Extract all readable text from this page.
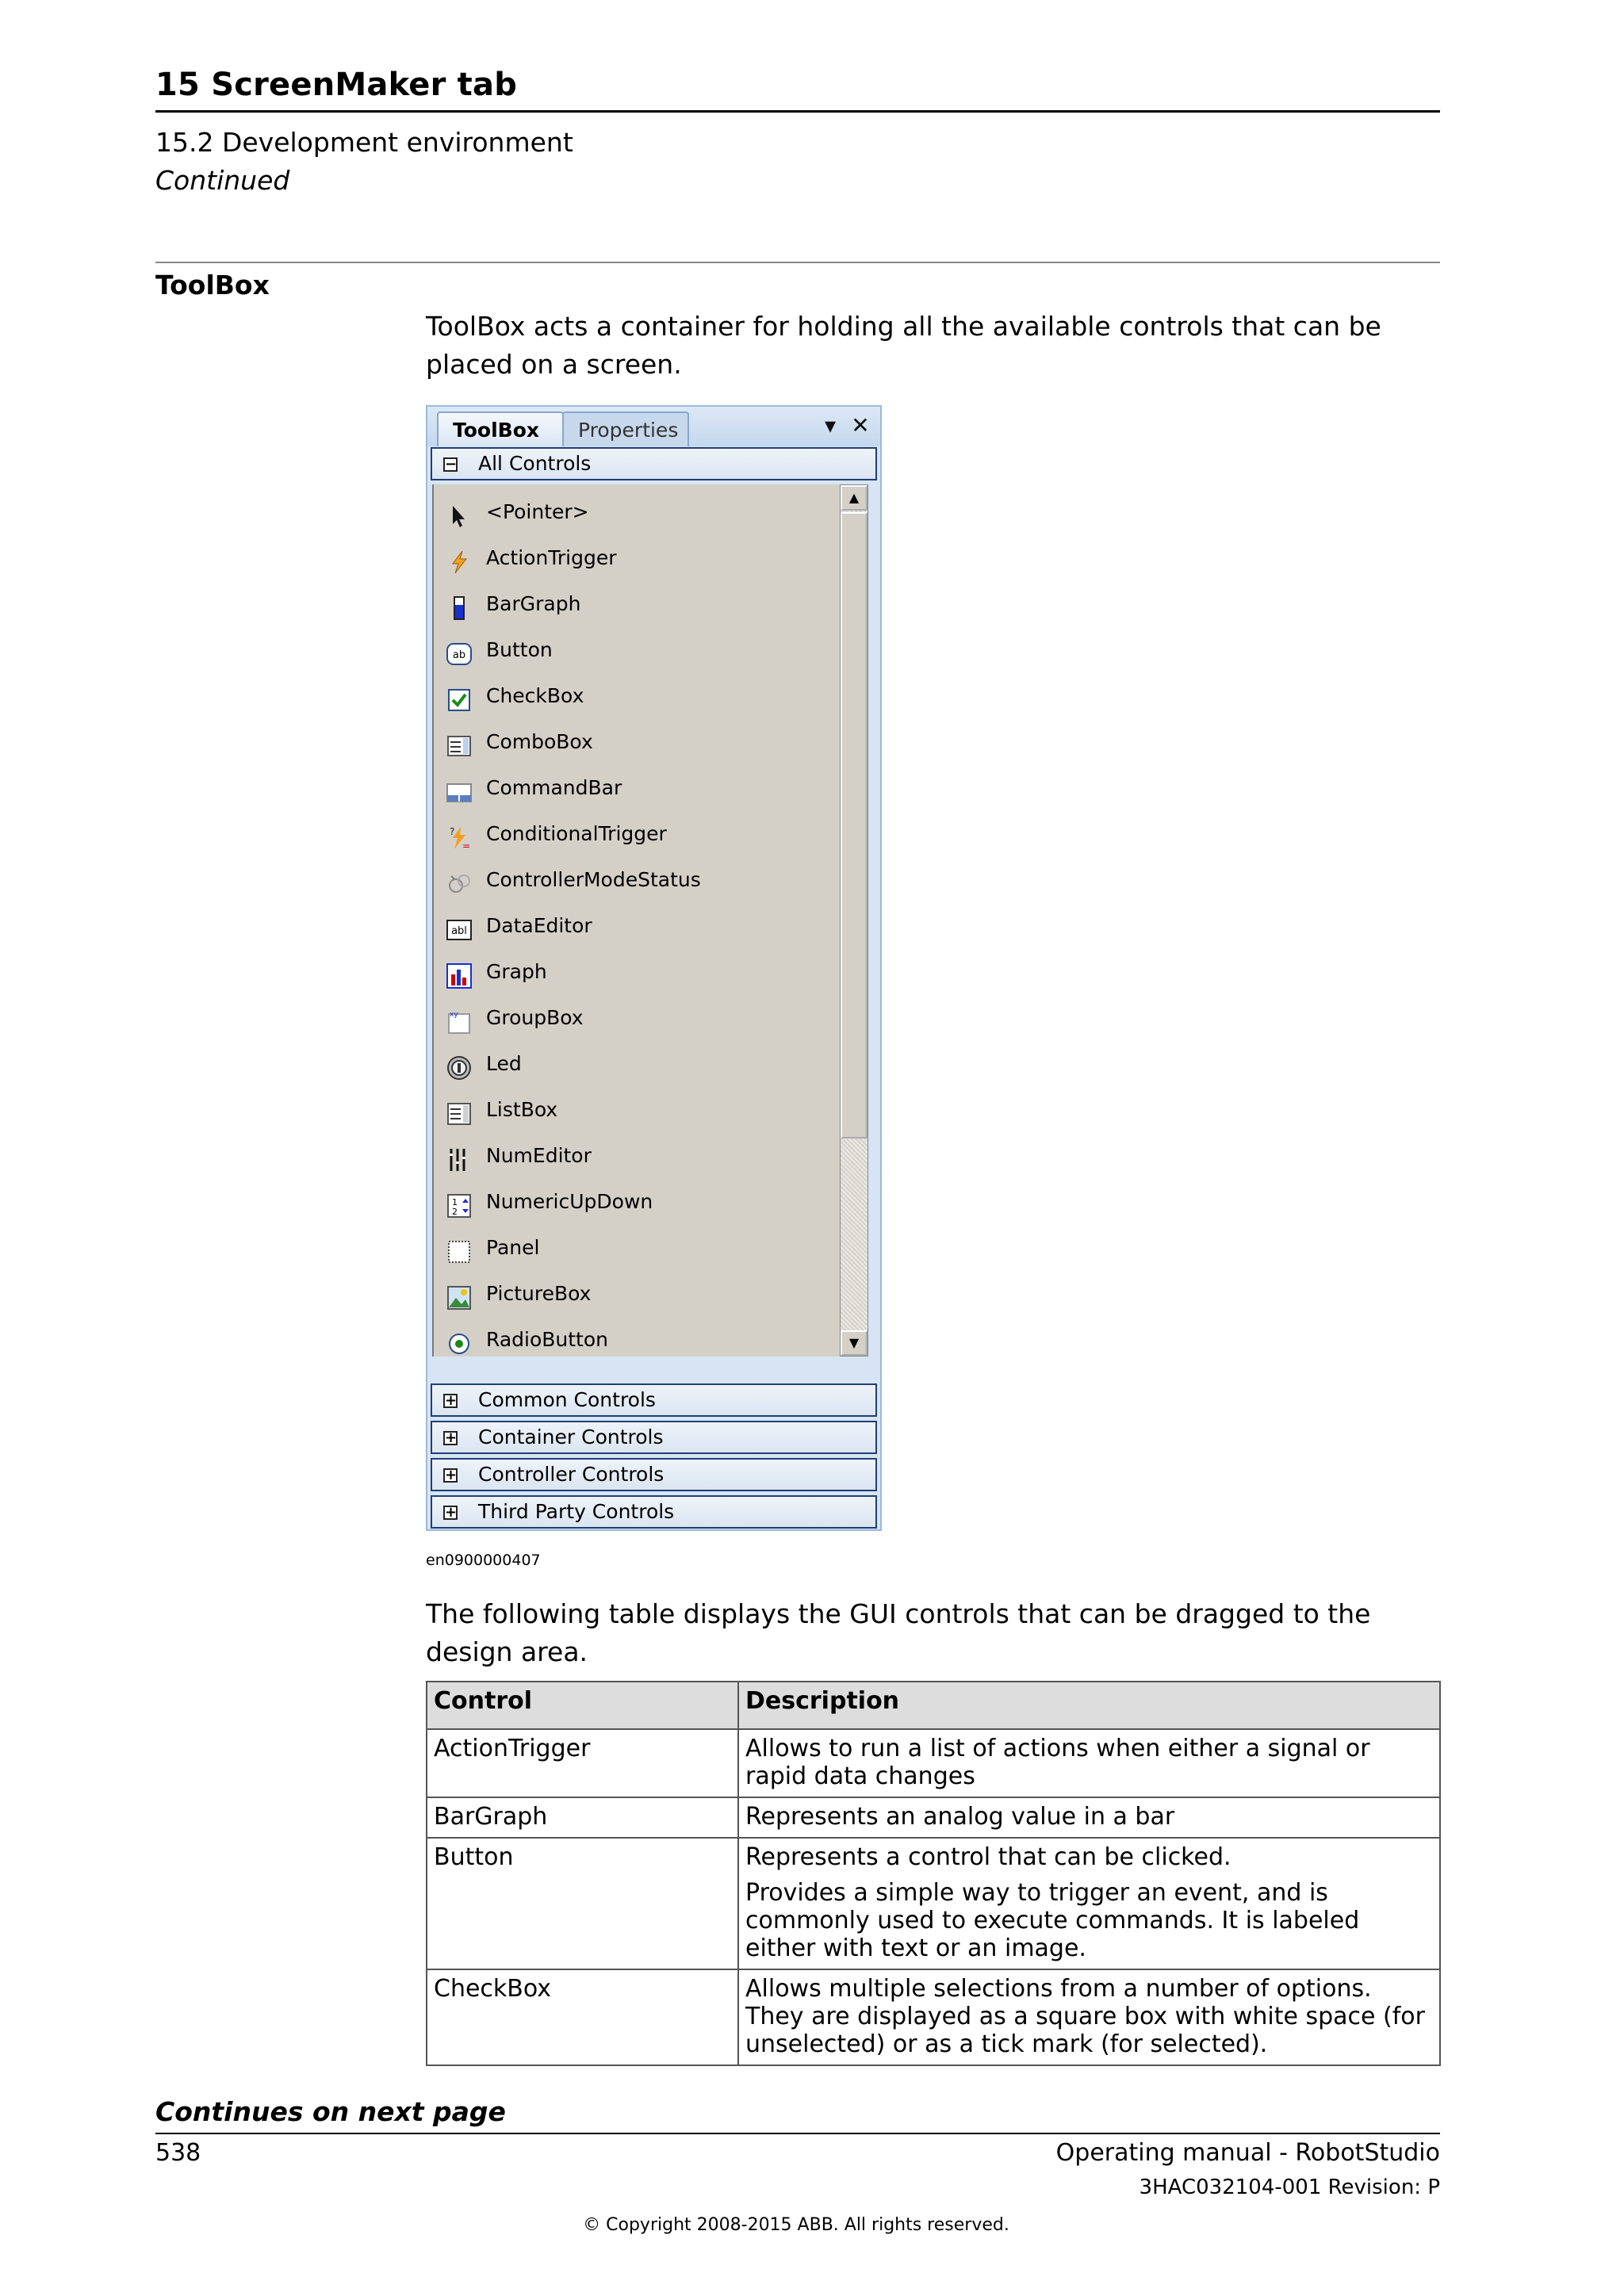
15 ScreenMaker tab
15.2 Development environment
Continued
ToolBox
ToolBox acts a container for holding all the available controls that can be placed on a screen.
ToolBox	Properties	▾ ✕
− All Controls
<Pointer>
ActionTrigger
BarGraph
ab Button
CheckBox
ComboBox
CommandBar
?
=
ConditionalTrigger
ControllerModeStatus
abl DataEditor
Graph
xy GroupBox
Led
ListBox
NumEditor
1
2 NumericUpDown
Panel
PictureBox
RadioButton
▲
▼
+ Common Controls
+ Container Controls
+ Controller Controls
+ Third Party Controls
en0900000407
The following table displays the GUI controls that can be dragged to the design area.
Control	Description
ActionTrigger	Allows to run a list of actions when either a signal or rapid data changes

BarGraph	Represents an analog value in a bar

Button	Represents a control that can be clicked.

Provides a simple way to trigger an event, and is commonly used to execute commands. It is labeled either with text or an image.

CheckBox	Allows multiple selections from a number of options. They are displayed as a square box with white space (for unselected) or as a tick mark (for selected).

Continues on next page
538	Operating manual - RobotStudio
3HAC032104-001 Revision: P
© Copyright 2008-2015 ABB. All rights reserved.
